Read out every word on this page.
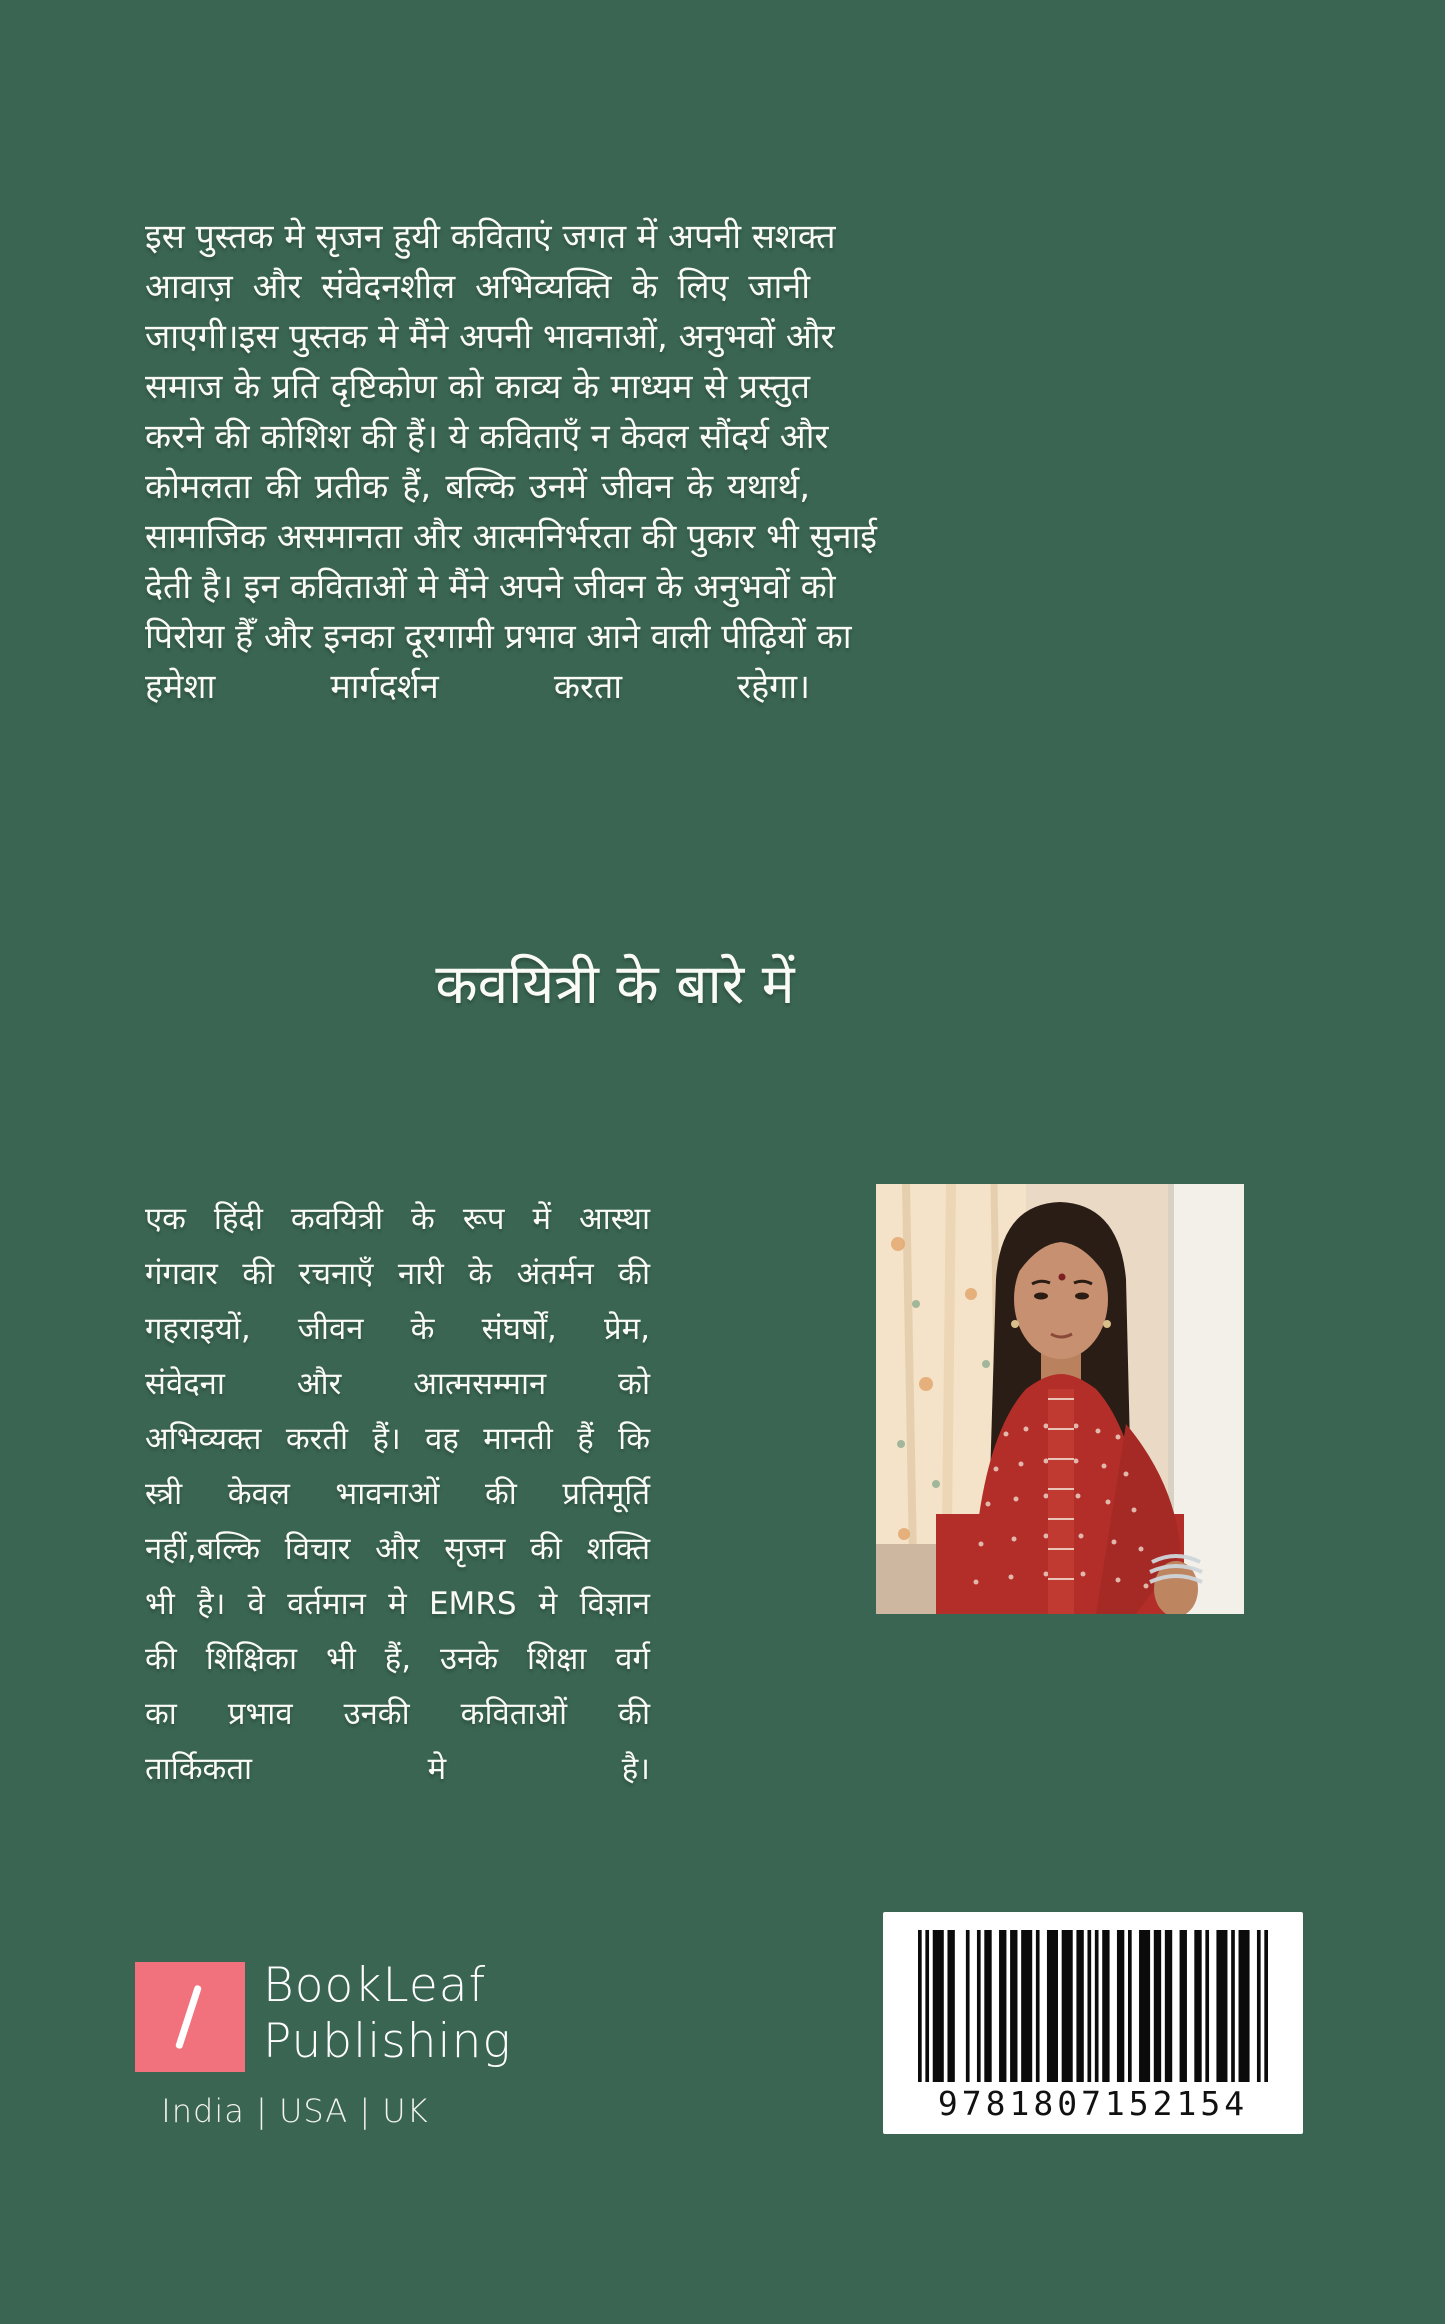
इस पुस्तक मे सृजन हुयी कविताएं जगत में अपनी सशक्त
आवाज़ और संवेदनशील अभिव्यक्ति के लिए जानी
जाएगी।इस पुस्तक मे मैंने अपनी भावनाओं, अनुभवों और
समाज के प्रति दृष्टिकोण को काव्य के माध्यम से प्रस्तुत
करने की कोशिश की हैं। ये कविताएँ न केवल सौंदर्य और
कोमलता की प्रतीक हैं, बल्कि उनमें जीवन के यथार्थ,
सामाजिक असमानता और आत्मनिर्भरता की पुकार भी सुनाई
देती है। इन कविताओं मे मैंने अपने जीवन के अनुभवों को
पिरोया हैँ और इनका दूरगामी प्रभाव आने वाली पीढ़ियों का
हमेशा मार्गदर्शन करता रहेगा।
कवयित्री के बारे में
एक हिंदी कवयित्री के रूप में आस्था
गंगवार की रचनाएँ नारी के अंतर्मन की
गहराइयों, जीवन के संघर्षों, प्रेम,
संवेदना और आत्मसम्मान को
अभिव्यक्त करती हैं। वह मानती हैं कि
स्त्री केवल भावनाओं की प्रतिमूर्ति
नहीं,बल्कि विचार और सृजन की शक्ति
भी है। वे वर्तमान मे EMRS मे विज्ञान
की शिक्षिका भी हैं, उनके शिक्षा वर्ग
का प्रभाव उनकी कविताओं की
तार्किकता मे है।
BookLeaf
Publishing
India | USA | UK	9781807152154
